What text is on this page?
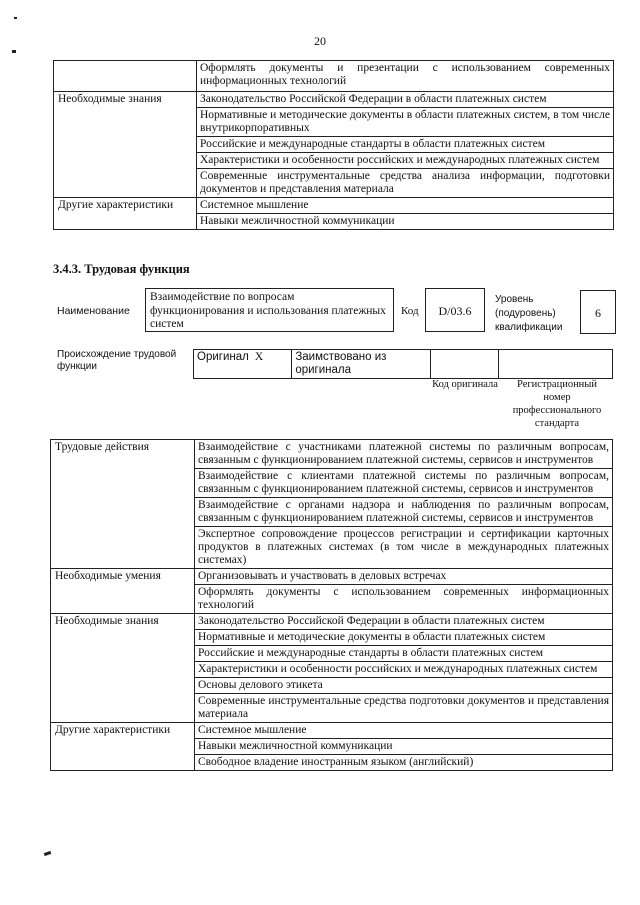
20
	Оформлять документы и презентации с использованием современных информационных технологий
Необходимые знания	Законодательство Российской Федерации в области платежных систем
	Нормативные и методические документы в области платежных систем, в том числе внутрикорпоративных
	Российские и международные стандарты в области платежных систем
	Характеристики и особенности российских и международных платежных систем
	Современные инструментальные средства анализа информации, подготовки документов и представления материала
Другие характеристики	Системное мышление
	Навыки межличностной коммуникации
3.4.3. Трудовая функция
Наименование
Взаимодействие по вопросам функционирования и использования платежных систем
Код	D/03.6
Уровень (подуровень) квалификации
6
Происхождение трудовой функции
Оригинал	X	Заимствовано из оригинала		
Код оригинала	Регистрационный номер профессионального стандарта
Трудовые действия	Взаимодействие с участниками платежной системы по различным вопросам, связанным с функционированием платежной системы, сервисов и инструментов
	Взаимодействие с клиентами платежной системы по различным вопросам, связанным с функционированием платежной системы, сервисов и инструментов
	Взаимодействие с органами надзора и наблюдения по различным вопросам, связанным с функционированием платежной системы, сервисов и инструментов
	Экспертное сопровождение процессов регистрации и сертификации карточных продуктов в платежных системах (в том числе в международных платежных системах)
Необходимые умения	Организовывать и участвовать в деловых встречах
	Оформлять документы с использованием современных информационных технологий
Необходимые знания	Законодательство Российской Федерации в области платежных систем
	Нормативные и методические документы в области платежных систем
	Российские и международные стандарты в области платежных систем
	Характеристики и особенности российских и международных платежных систем
	Основы делового этикета
	Современные инструментальные средства подготовки документов и представления материала
Другие характеристики	Системное мышление
	Навыки межличностной коммуникации
	Свободное владение иностранным языком (английский)
